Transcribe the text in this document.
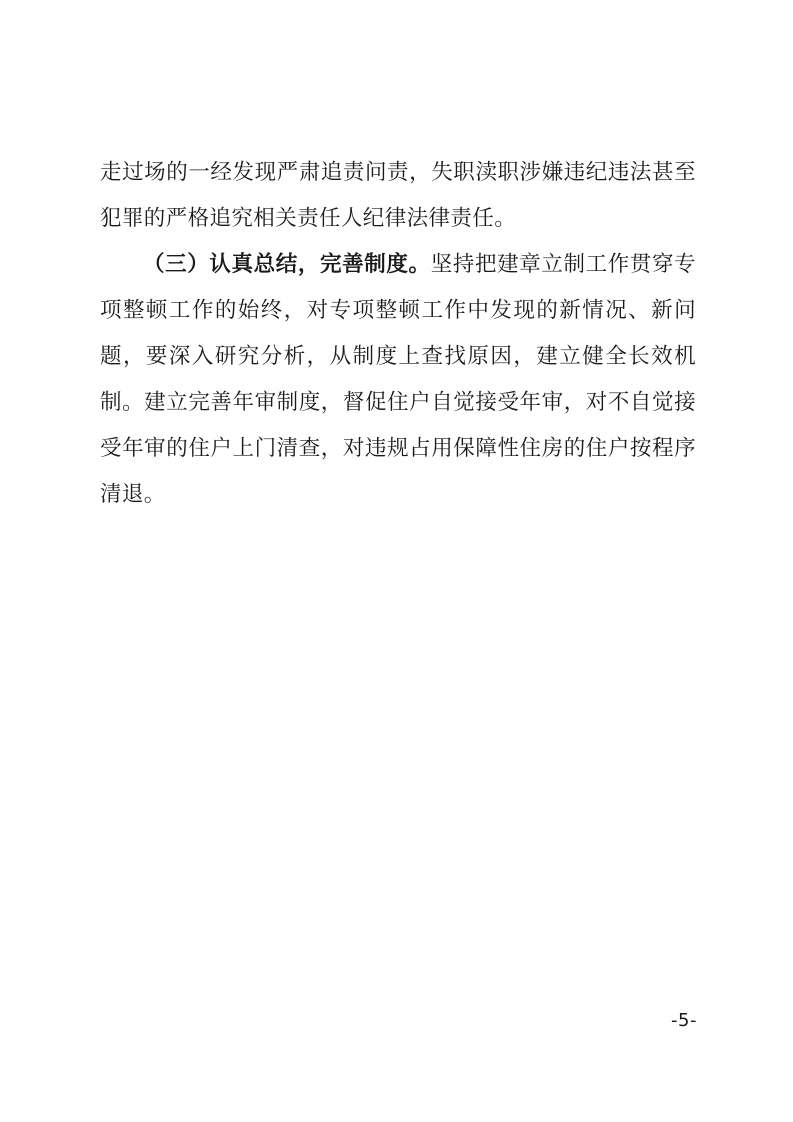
走过场的一经发现严肃追责问责，失职渎职涉嫌违纪违法甚至犯罪的严格追究相关责任人纪律法律责任。

（三）认真总结，完善制度。坚持把建章立制工作贯穿专项整顿工作的始终，对专项整顿工作中发现的新情况、新问题，要深入研究分析，从制度上查找原因，建立健全长效机制。建立完善年审制度，督促住户自觉接受年审，对不自觉接受年审的住户上门清查，对违规占用保障性住房的住户按程序清退。

-5-
